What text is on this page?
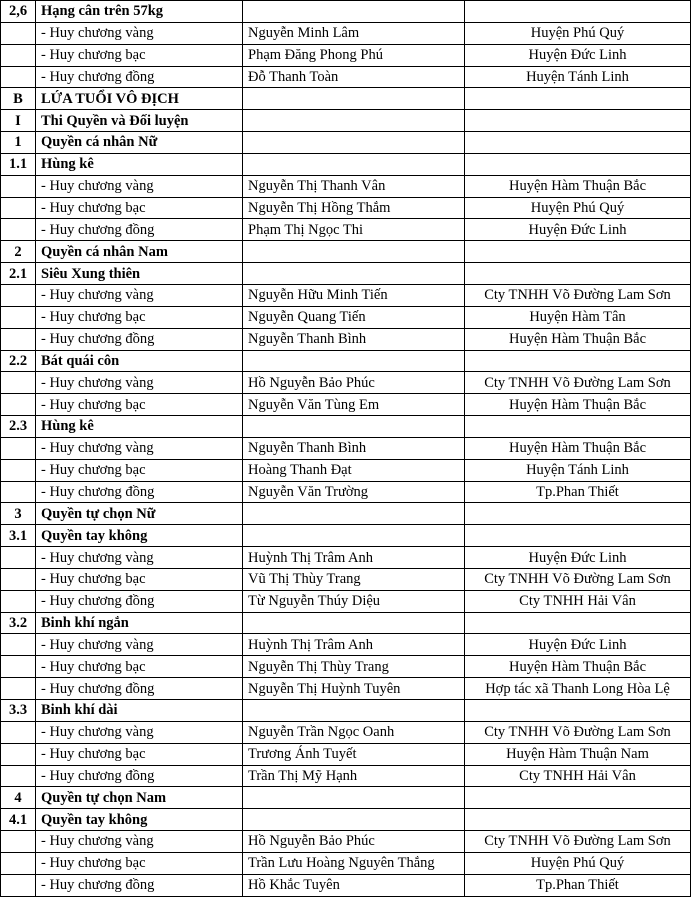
2,6	Hạng cân trên 57kg		
	- Huy chương vàng	Nguyễn Minh Lâm	Huyện Phú Quý
	- Huy chương bạc	Phạm Đăng Phong Phú	Huyện Đức Linh
	- Huy chương đồng	Đỗ Thanh Toàn	Huyện Tánh Linh
B	LỨA TUỔI VÔ ĐỊCH		
I	Thi Quyền và Đối luyện		
1	Quyền cá nhân Nữ		
1.1	Hùng kê		
	- Huy chương vàng	Nguyễn Thị Thanh Vân	Huyện Hàm Thuận Bắc
	- Huy chương bạc	Nguyễn Thị Hồng Thắm	Huyện Phú Quý
	- Huy chương đồng	Phạm Thị Ngọc Thi	Huyện Đức Linh
2	Quyền cá nhân Nam		
2.1	Siêu Xung thiên		
	- Huy chương vàng	Nguyễn Hữu Minh Tiến	Cty TNHH Võ Đường Lam Sơn
	- Huy chương bạc	Nguyễn Quang Tiến	Huyện Hàm Tân
	- Huy chương đồng	Nguyễn Thanh Bình	Huyện Hàm Thuận Bắc
2.2	Bát quái côn		
	- Huy chương vàng	Hồ Nguyễn Bảo Phúc	Cty TNHH Võ Đường Lam Sơn
	- Huy chương bạc	Nguyễn Văn Tùng Em	Huyện Hàm Thuận Bắc
2.3	Hùng kê		
	- Huy chương vàng	Nguyễn Thanh Bình	Huyện Hàm Thuận Bắc
	- Huy chương bạc	Hoàng Thanh Đạt	Huyện Tánh Linh
	- Huy chương đồng	Nguyễn Văn Trường	Tp.Phan Thiết
3	Quyền tự chọn Nữ		
3.1	Quyền tay không		
	- Huy chương vàng	Huỳnh Thị Trâm Anh	Huyện Đức Linh
	- Huy chương bạc	Vũ Thị Thùy Trang	Cty TNHH Võ Đường Lam Sơn
	- Huy chương đồng	Từ Nguyễn Thúy Diệu	Cty TNHH Hải Vân
3.2	Binh khí ngắn		
	- Huy chương vàng	Huỳnh Thị Trâm Anh	Huyện Đức Linh
	- Huy chương bạc	Nguyễn Thị Thùy Trang	Huyện Hàm Thuận Bắc
	- Huy chương đồng	Nguyễn Thị Huỳnh Tuyên	Hợp tác xã Thanh Long Hòa Lệ
3.3	Binh khí dài		
	- Huy chương vàng	Nguyễn Trần Ngọc Oanh	Cty TNHH Võ Đường Lam Sơn
	- Huy chương bạc	Trương Ánh Tuyết	Huyện Hàm Thuận Nam
	- Huy chương đồng	Trần Thị Mỹ Hạnh	Cty TNHH Hải Vân
4	Quyền tự chọn Nam		
4.1	Quyền tay không		
	- Huy chương vàng	Hồ Nguyễn Bảo Phúc	Cty TNHH Võ Đường Lam Sơn
	- Huy chương bạc	Trần Lưu Hoàng Nguyên Thắng	Huyện Phú Quý
	- Huy chương đồng	Hồ Khắc Tuyên	Tp.Phan Thiết
